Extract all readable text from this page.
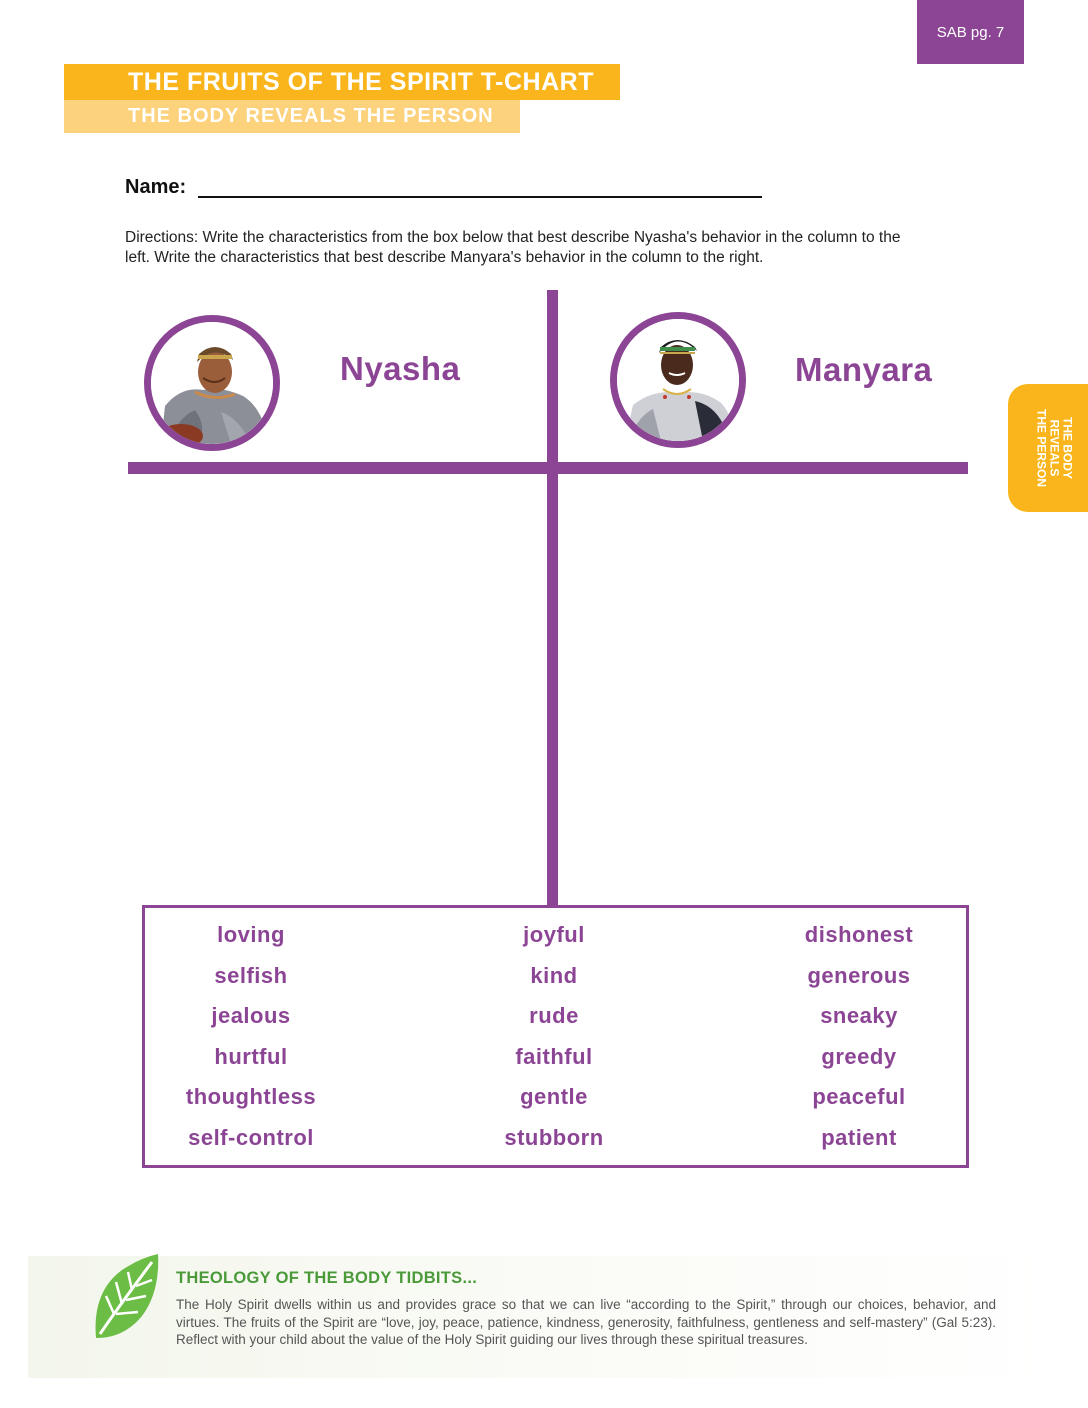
SAB pg. 7
THE FRUITS OF THE SPIRIT T-CHART
THE BODY REVEALS THE PERSON
Name:
Directions: Write the characteristics from the box below that best describe Nyasha's behavior in the column to the left. Write the characteristics that best describe Manyara's behavior in the column to the right.
Nyasha	Manyara
THE BODY
REVEALS
THE PERSON
loving
selfish
jealous
hurtful
thoughtless
self-control
joyful
kind
rude
faithful
gentle
stubborn
dishonest
generous
sneaky
greedy
peaceful
patient
THEOLOGY OF THE BODY TIDBITS...
The Holy Spirit dwells within us and provides grace so that we can live “according to the Spirit,” through our choices, behavior, and virtues. The fruits of the Spirit are “love, joy, peace, patience, kindness, generosity, faithfulness, gentleness and self-mastery” (Gal 5:23). Reflect with your child about the value of the Holy Spirit guiding our lives through these spiritual treasures.
